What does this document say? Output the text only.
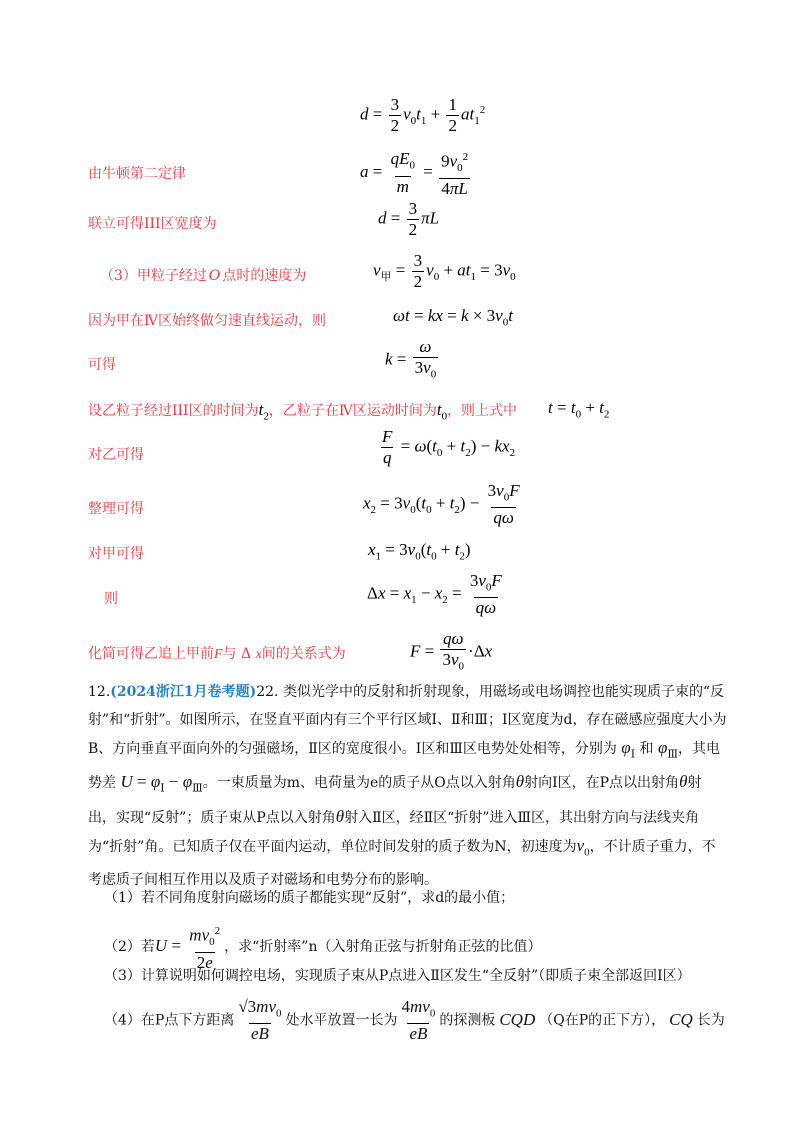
$d = \frac{3}{2} v_0t_1 + \frac{1}{2} at_1^2$
由牛顿第二定律	$a = \frac{qE_0}{m} = \frac{9v_0^2}{4\pi L}$
联立可得III区宽度为	$d = \frac{3}{2}$ πL
（3）甲粒子经过 O 点时的速度为	$v_甲 = \frac{3}{2} v_0 + at_1 = 3v_0$
因为甲在Ⅳ区始终做匀速直线运动，则	ωt = kx = $k \times 3v_0t$
可得	$k = \frac{\omega}{3v_0}$
设乙粒子经过III区的时间为$t_2$，乙粒子在Ⅳ区运动时间为$t_0$，则上式中 $t = t_0 + t_2$
对乙可得	$\frac{F}{q} = \omega(t_0 + t_2) - kx_2$
整理可得	$x_2 = 3v_0(t_0 + t_2) - \frac{3v_0F}{q\omega}$
对甲可得	$x_1 = 3v_0(t_0 + t_2)$
则	$\Delta x = x_1 - x_2 = \frac{3v_0F}{q\omega}$
化简可得乙追上甲前F与 Δ x间的关系式为	$F = \frac{q\omega}{3v_0} \cdot\Delta x$
12.(2024浙江1月卷考题)22. 类似光学中的反射和折射现象，用磁场或电场调控也能实现质子束的“反射”和“折射”。如图所示，在竖直平面内有三个平行区域Ⅰ、Ⅱ和Ⅲ；Ⅰ区宽度为d，存在磁感应强度大小为B、方向垂直平面向外的匀强磁场，Ⅱ区的宽度很小。Ⅰ区和Ⅲ区电势处处相等，分别为 $\varphi_Ⅰ$ 和 $\varphi_Ⅲ$，其电势差 $U = \varphi_Ⅰ - \varphi_Ⅲ$。一束质量为m、电荷量为e的质子从O点以入射角θ射向Ⅰ区，在P点以出射角θ射出，实现“反射”；质子束从P点以入射角θ射入Ⅱ区，经Ⅱ区“折射”进入Ⅲ区，其出射方向与法线夹角为“折射”角。已知质子仅在平面内运动，单位时间发射的质子数为N，初速度为$v_0$，不计质子重力，不考虑质子间相互作用以及质子对磁场和电势分布的影响。
（1）若不同角度射向磁场的质子都能实现“反射”，求d的最小值；
（2）若$U = \frac{mv_0^2}{2e}$ ，求“折射率”n（入射角正弦与折射角正弦的比值）
（3）计算说明如何调控电场，实现质子束从P点进入Ⅱ区发生“全反射”（即质子束全部返回Ⅰ区）
（4）在P点下方距离 $\frac{√3mv_0}{eB}$ 处水平放置一长为 $\frac{4mv_0}{eB}$ 的探测板 CQD （Q在P的正下方）， CQ 长为
